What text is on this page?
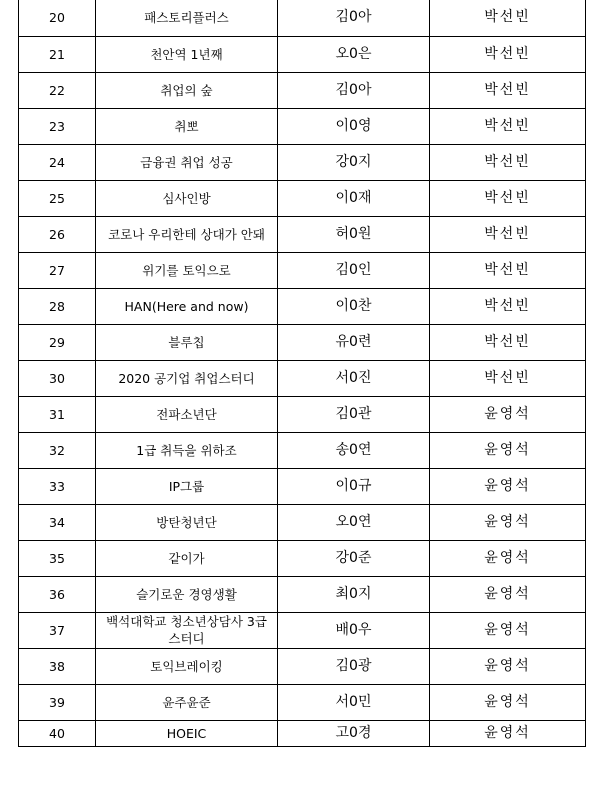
20	패스토리플러스	김0아	박선빈
21	천안역 1년째	오0은	박선빈
22	취업의 숲	김0아	박선빈
23	취뽀	이0영	박선빈
24	금융권 취업 성공	강0지	박선빈
25	심사인방	이0재	박선빈
26	코로나 우리한테 상대가 안돼	허0원	박선빈
27	위기를 토익으로	김0인	박선빈
28	HAN(Here and now)	이0찬	박선빈
29	블루칩	유0련	박선빈
30	2020 공기업 취업스터디	서0진	박선빈
31	전파소년단	김0관	윤영석
32	1급 취득을 위하조	송0연	윤영석
33	IP그룹	이0규	윤영석
34	방탄청년단	오0연	윤영석
35	같이가	강0준	윤영석
36	슬기로운 경영생활	최0지	윤영석
37	백석대학교 청소년상담사 3급 스터디	배0우	윤영석
38	토익브레이킹	김0광	윤영석
39	윤주윤준	서0민	윤영석
40	HOEIC	고0경	윤영석
